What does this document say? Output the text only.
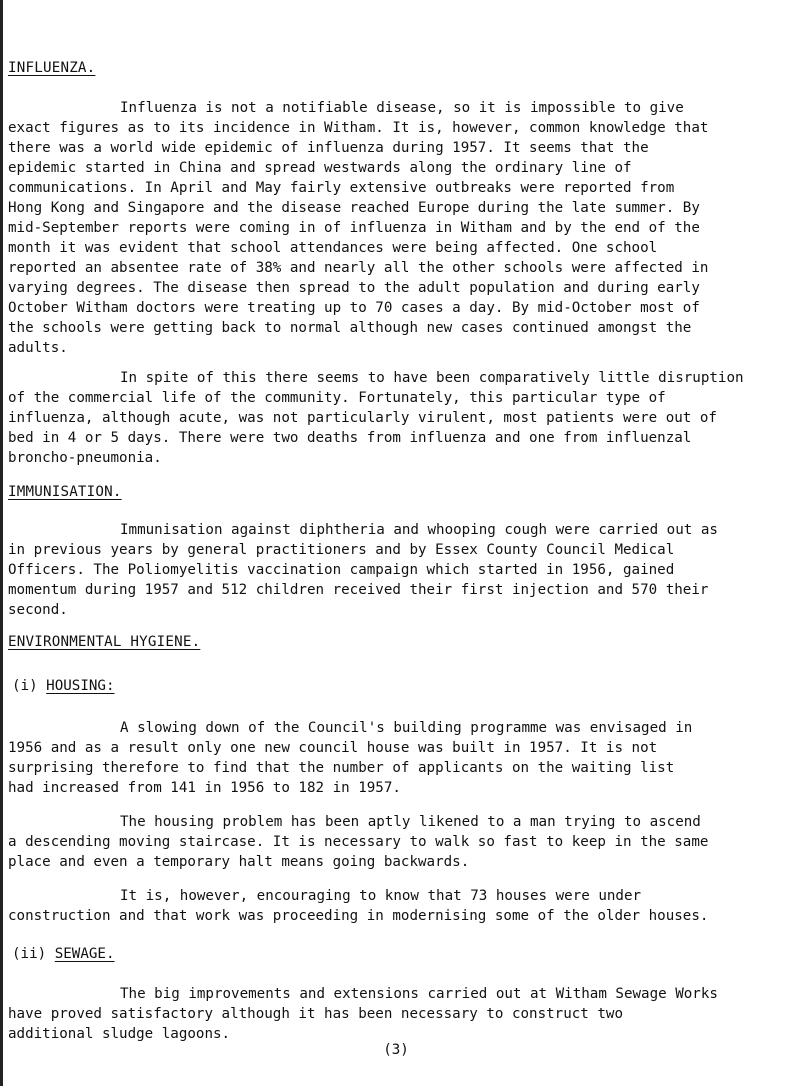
INFLUENZA.
Influenza is not a notifiable disease, so it is impossible to give
exact figures as to its incidence in Witham. It is, however, common knowledge that
there was a world wide epidemic of influenza during 1957. It seems that the
epidemic started in China and spread westwards along the ordinary line of
communications. In April and May fairly extensive outbreaks were reported from
Hong Kong and Singapore and the disease reached Europe during the late summer. By
mid-September reports were coming in of influenza in Witham and by the end of the
month it was evident that school attendances were being affected. One school
reported an absentee rate of 38% and nearly all the other schools were affected in
varying degrees. The disease then spread to the adult population and during early
October Witham doctors were treating up to 70 cases a day. By mid-October most of
the schools were getting back to normal although new cases continued amongst the
adults.
In spite of this there seems to have been comparatively little disruption
of the commercial life of the community. Fortunately, this particular type of
influenza, although acute, was not particularly virulent, most patients were out of
bed in 4 or 5 days. There were two deaths from influenza and one from influenzal
broncho-pneumonia.
IMMUNISATION.
Immunisation against diphtheria and whooping cough were carried out as
in previous years by general practitioners and by Essex County Council Medical
Officers. The Poliomyelitis vaccination campaign which started in 1956, gained
momentum during 1957 and 512 children received their first injection and 570 their
second.
ENVIRONMENTAL HYGIENE.
(i) HOUSING:
A slowing down of the Council's building programme was envisaged in
1956 and as a result only one new council house was built in 1957. It is not
surprising therefore to find that the number of applicants on the waiting list
had increased from 141 in 1956 to 182 in 1957.
The housing problem has been aptly likened to a man trying to ascend
a descending moving staircase. It is necessary to walk so fast to keep in the same
place and even a temporary halt means going backwards.
It is, however, encouraging to know that 73 houses were under
construction and that work was proceeding in modernising some of the older houses.
(ii) SEWAGE.
The big improvements and extensions carried out at Witham Sewage Works
have proved satisfactory although it has been necessary to construct two
additional sludge lagoons.
(3)
